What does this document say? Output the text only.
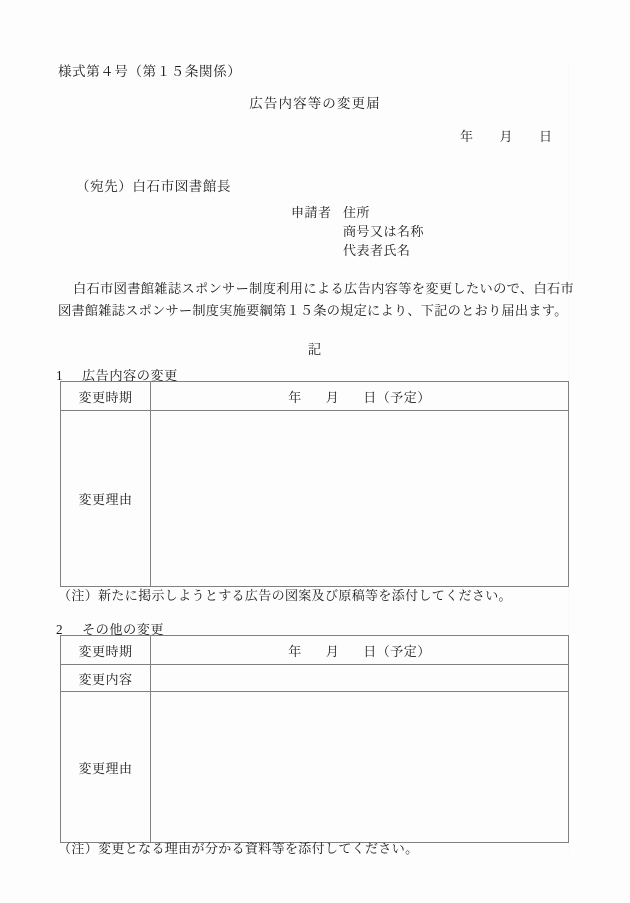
様式第４号（第１５条関係）
広告内容等の変更届
年 月 日
（宛先）白石市図書館長
申請者 住所
商号又は名称
代表者氏名
白石市図書館雑誌スポンサー制度利用による広告内容等を変更したいので、白石市図書館雑誌スポンサー制度実施要綱第１５条の規定により、下記のとおり届出ます。
記
1 広告内容の変更
変更時期	年 月 日（予定）
変更理由	
（注）新たに掲示しようとする広告の図案及び原稿等を添付してください。
2 その他の変更
変更時期	年 月 日（予定）
変更内容	
変更理由	
（注）変更となる理由が分かる資料等を添付してください。
